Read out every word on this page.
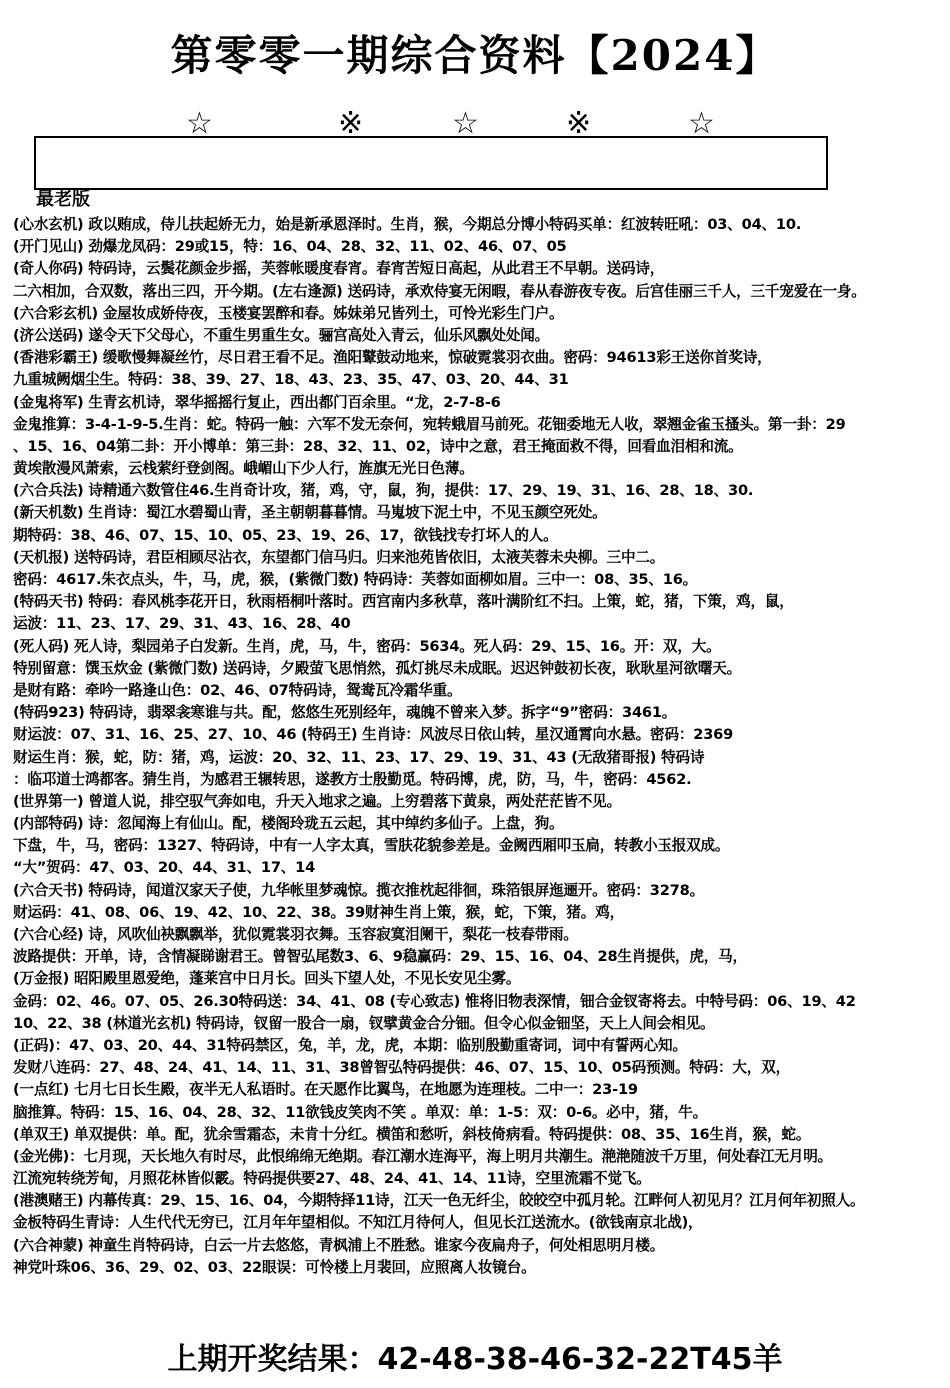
第零零一期综合资料【2024】
☆	※	☆	※	☆
最老版
(心水玄机) 政以贿成，侍儿扶起娇无力，始是新承恩泽时。生肖，猴，今期总分博小特码买单：红波转旺吼：03、04、10.
(开门见山) 劲爆龙凤码：29或15，特：16、04、28、32、11、02、46、07、05
(奇人你码) 特码诗，云鬓花颜金步摇，芙蓉帐暖度春宵。春宵苦短日高起，从此君王不早朝。送码诗，
二六相加，合双数，落出三四，开今期。(左右逢源) 送码诗，承欢侍宴无闲暇，春从春游夜专夜。后宫佳丽三千人，三千宠爱在一身。
(六合彩玄机) 金屋妆成娇侍夜，玉楼宴罢醉和春。姊妹弟兄皆列土，可怜光彩生门户。
(济公送码) 遂令天下父母心，不重生男重生女。骊宫高处入青云，仙乐风飘处处闻。
(香港彩霸王) 缓歌慢舞凝丝竹，尽日君王看不足。渔阳鼙鼓动地来，惊破霓裳羽衣曲。密码：94613彩王送你首奖诗，
九重城阙烟尘生。特码：38、39、27、18、43、23、35、47、03、20、44、31
(金鬼将军) 生青玄机诗，翠华摇摇行复止，西出都门百余里。“龙，2-7-8-6
金鬼推算：3-4-1-9-5.生肖：蛇。特码一触：六军不发无奈何，宛转蛾眉马前死。花钿委地无人收，翠翘金雀玉搔头。第一卦：29
、15、16、04第二卦：开小博单：第三卦：28、32、11、02，诗中之意，君王掩面救不得，回看血泪相和流。
黄埃散漫风萧索，云栈萦纡登剑阁。峨嵋山下少人行，旌旗无光日色薄。
(六合兵法) 诗精通六数管住46.生肖奇计攻，猪，鸡，守，鼠，狗，提供：17、29、19、31、16、28、18、30.
(新天机数) 生肖诗：蜀江水碧蜀山青，圣主朝朝暮暮情。马嵬坡下泥土中，不见玉颜空死处。
期特码：38、46、07、15、10、05、23、19、26、17，欲钱找专打坏人的人。
(天机报) 送特码诗，君臣相顾尽沾衣，东望都门信马归。归来池苑皆依旧，太液芙蓉未央柳。三中二。
密码：4617.朱衣点头，牛，马，虎，猴，(紫微门数) 特码诗：芙蓉如面柳如眉。三中一：08、35、16。
(特码天书) 特码：春风桃李花开日，秋雨梧桐叶落时。西宫南内多秋草，落叶满阶红不扫。上策，蛇，猪，下策，鸡，鼠，
运波：11、23、17、29、31、43、16、28、40
(死人码) 死人诗，梨园弟子白发新。生肖，虎，马，牛，密码：5634。死人码：29、15、16。开：双，大。
特别留意：馔玉炊金 (紫微门数) 送码诗，夕殿萤飞思悄然，孤灯挑尽未成眠。迟迟钟鼓初长夜，耿耿星河欲曙天。
是财有路：牵吟一路逢山色：02、46、07特码诗，鸳鸯瓦冷霜华重。
(特码923) 特码诗，翡翠衾寒谁与共。配，悠悠生死别经年，魂魄不曾来入梦。拆字“9”密码：3461。
财运波：07、31、16、25、27、10、46 (特码王) 生肖诗：风波尽日依山转，星汉通霄向水悬。密码：2369
财运生肖：猴，蛇，防：猪，鸡，运波：20、32、11、23、17、29、19、31、43 (无敌猪哥报) 特码诗
：临邛道士鸿都客。猜生肖，为感君王辗转思，遂教方士殷勤觅。特码博，虎，防，马，牛，密码：4562.
(世界第一) 曾道人说，排空驭气奔如电，升天入地求之遍。上穷碧落下黄泉，两处茫茫皆不见。
(内部特码) 诗：忽闻海上有仙山。配，楼阁玲珑五云起，其中绰约多仙子。上盘，狗。
下盘，牛，马，密码：1327、特码诗，中有一人字太真，雪肤花貌参差是。金阙西厢叩玉扃，转教小玉报双成。
“大”贺码：47、03、20、44、31、17、14
(六合天书) 特码诗，闻道汉家天子使，九华帐里梦魂惊。揽衣推枕起徘徊，珠箔银屏迤逦开。密码：3278。
财运码：41、08、06、19、42、10、22、38。39财神生肖上策，猴，蛇，下策，猪。鸡，
(六合心经) 诗，风吹仙袂飘飘举，犹似霓裳羽衣舞。玉容寂寞泪阑干，梨花一枝春带雨。
波路提供：开单，诗，含情凝睇谢君王。曾智弘尾数3、6、9稳赢码：29、15、16、04、28生肖提供，虎，马，
(万金报) 昭阳殿里恩爱绝，蓬莱宫中日月长。回头下望人处，不见长安见尘雾。
金码：02、46。07、05、26.30特码送：34、41、08 (专心致志) 惟将旧物表深情，钿合金钗寄将去。中特号码：06、19、42
10、22、38 (林道光玄机) 特码诗，钗留一股合一扇，钗擘黄金合分钿。但令心似金钿坚，天上人间会相见。
(正码)：47、03、20、44、31特码禁区，兔，羊，龙，虎，本期：临别殷勤重寄词，词中有誓两心知。
发财八连码：27、48、24、41、14、11、31、38曾智弘特码提供：46、07、15、10、05码预测。特码：大，双，
(一点红) 七月七日长生殿，夜半无人私语时。在天愿作比翼鸟，在地愿为连理枝。二中一：23-19
脑推算。特码：15、16、04、28、32、11欲钱皮笑肉不笑 。单双：单：1-5：双：0-6。必中，猪，牛。
(单双王) 单双提供：单。配，犹余雪霜态，未肯十分红。横笛和愁听，斜枝倚病看。特码提供：08、35、16生肖，猴，蛇。
(金光佛)：七月现，天长地久有时尽，此恨绵绵无绝期。春江潮水连海平，海上明月共潮生。滟滟随波千万里，何处春江无月明。
江流宛转绕芳甸，月照花林皆似霰。特码提供要27、48、24、41、14、11诗，空里流霜不觉飞。
(港澳赌王) 内幕传真：29、15、16、04，今期特择11诗，江天一色无纤尘，皎皎空中孤月轮。江畔何人初见月？江月何年初照人。
金板特码生青诗：人生代代无穷已，江月年年望相似。不知江月待何人，但见长江送流水。(欲钱南京北战)，
(六合神蒙) 神童生肖特码诗，白云一片去悠悠，青枫浦上不胜愁。谁家今夜扁舟子，何处相思明月楼。
神党叶珠06、36、29、02、03、22眼误：可怜楼上月裴回，应照离人妆镜台。
上期开奖结果：42-48-38-46-32-22T45羊
